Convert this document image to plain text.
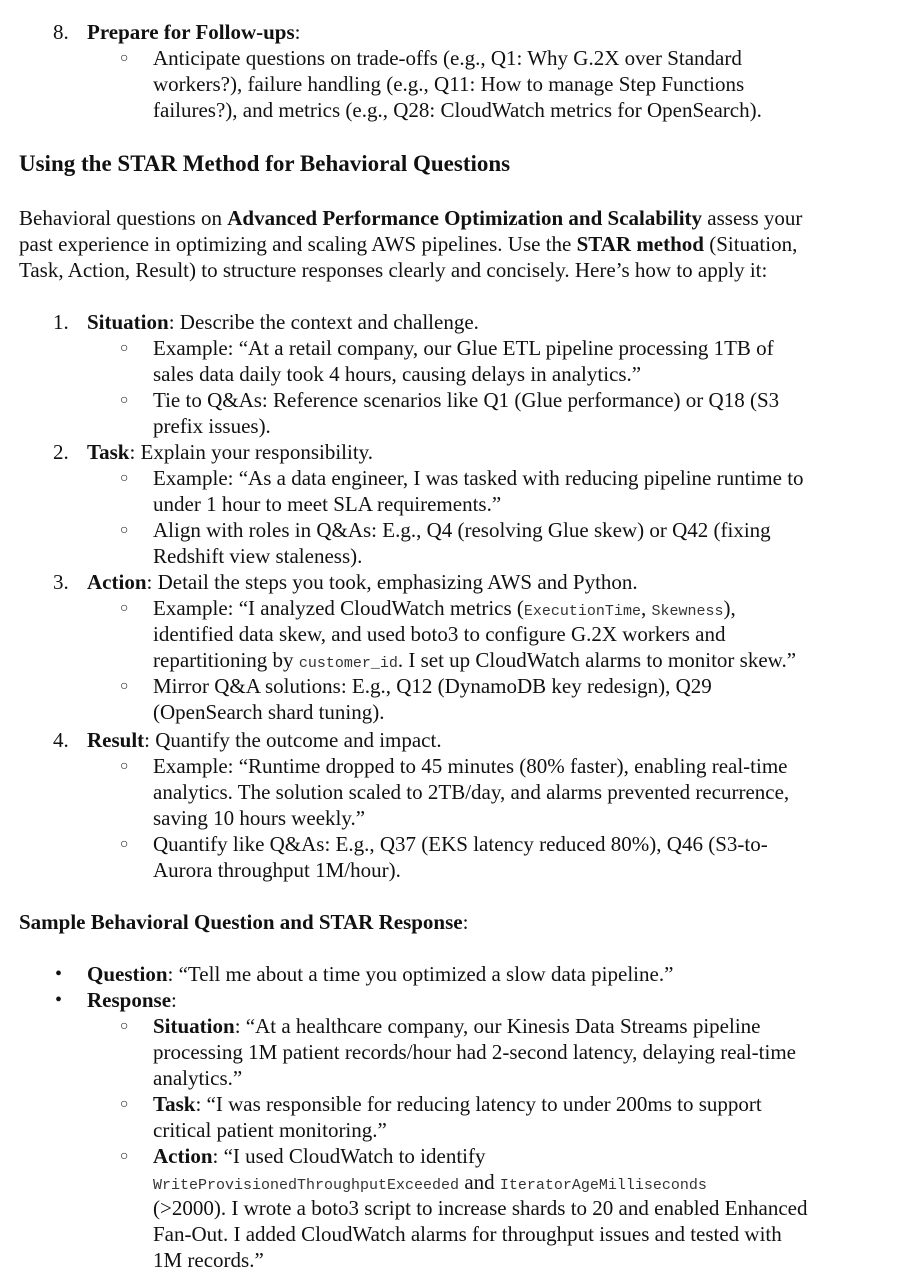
8. Prepare for Follow-ups:
○ Anticipate questions on trade-offs (e.g., Q1: Why G.2X over Standard
workers?), failure handling (e.g., Q11: How to manage Step Functions
failures?), and metrics (e.g., Q28: CloudWatch metrics for OpenSearch).
Using the STAR Method for Behavioral Questions
Behavioral questions on Advanced Performance Optimization and Scalability assess your
past experience in optimizing and scaling AWS pipelines. Use the STAR method (Situation,
Task, Action, Result) to structure responses clearly and concisely. Here’s how to apply it:
1. Situation: Describe the context and challenge.
○ Example: “At a retail company, our Glue ETL pipeline processing 1TB of
sales data daily took 4 hours, causing delays in analytics.”
○ Tie to Q&As: Reference scenarios like Q1 (Glue performance) or Q18 (S3
prefix issues).
2. Task: Explain your responsibility.
○ Example: “As a data engineer, I was tasked with reducing pipeline runtime to
under 1 hour to meet SLA requirements.”
○ Align with roles in Q&As: E.g., Q4 (resolving Glue skew) or Q42 (fixing
Redshift view staleness).
3. Action: Detail the steps you took, emphasizing AWS and Python.
○ Example: “I analyzed CloudWatch metrics (ExecutionTime, Skewness),
identified data skew, and used boto3 to configure G.2X workers and
repartitioning by customer_id. I set up CloudWatch alarms to monitor skew.”
○ Mirror Q&A solutions: E.g., Q12 (DynamoDB key redesign), Q29
(OpenSearch shard tuning).
4. Result: Quantify the outcome and impact.
○ Example: “Runtime dropped to 45 minutes (80% faster), enabling real-time
analytics. The solution scaled to 2TB/day, and alarms prevented recurrence,
saving 10 hours weekly.”
○ Quantify like Q&As: E.g., Q37 (EKS latency reduced 80%), Q46 (S3-to-
Aurora throughput 1M/hour).
Sample Behavioral Question and STAR Response:
• Question: “Tell me about a time you optimized a slow data pipeline.”
• Response:
○ Situation: “At a healthcare company, our Kinesis Data Streams pipeline
processing 1M patient records/hour had 2-second latency, delaying real-time
analytics.”
○ Task: “I was responsible for reducing latency to under 200ms to support
critical patient monitoring.”
○ Action: “I used CloudWatch to identify
WriteProvisionedThroughputExceeded and IteratorAgeMilliseconds
(>2000). I wrote a boto3 script to increase shards to 20 and enabled Enhanced
Fan-Out. I added CloudWatch alarms for throughput issues and tested with
1M records.”
